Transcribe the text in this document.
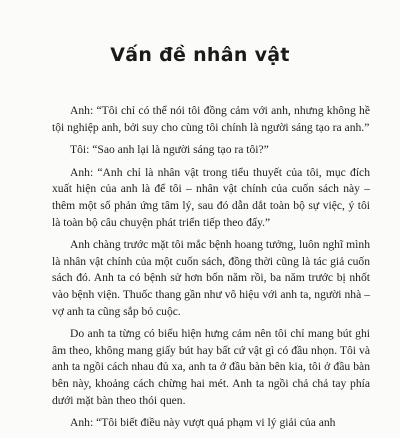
Vấn đề nhân vật

Anh: “Tôi chỉ có thể nói tôi đồng cảm với anh, nhưng không hề tội nghiệp anh, bởi suy cho cùng tôi chính là người sáng tạo ra anh.”

Tôi: “Sao anh lại là người sáng tạo ra tôi?”

Anh: “Anh chỉ là nhân vật trong tiểu thuyết của tôi, mục đích xuất hiện của anh là để tôi – nhân vật chính của cuốn sách này – thêm một số phản ứng tâm lý, sau đó dẫn dắt toàn bộ sự việc, ý tôi là toàn bộ câu chuyện phát triển tiếp theo đấy.”

Anh chàng trước mặt tôi mắc bệnh hoang tưởng, luôn nghĩ mình là nhân vật chính của một cuốn sách, đồng thời cũng là tác giả cuốn sách đó. Anh ta có bệnh sử hơn bốn năm rồi, ba năm trước bị nhốt vào bệnh viện. Thuốc thang gần như vô hiệu với anh ta, người nhà – vợ anh ta cũng sắp bỏ cuộc.

Do anh ta từng có biểu hiện hưng cảm nên tôi chỉ mang bút ghi âm theo, không mang giấy bút hay bất cứ vật gì có đầu nhọn. Tôi và anh ta ngồi cách nhau đủ xa, anh ta ở đầu bàn bên kia, tôi ở đầu bàn bên này, khoảng cách chừng hai mét. Anh ta ngồi chả chả tay phía dưới mặt bàn theo thói quen.

Anh: “Tôi biết điều này vượt quá phạm vi lý giải của anh
